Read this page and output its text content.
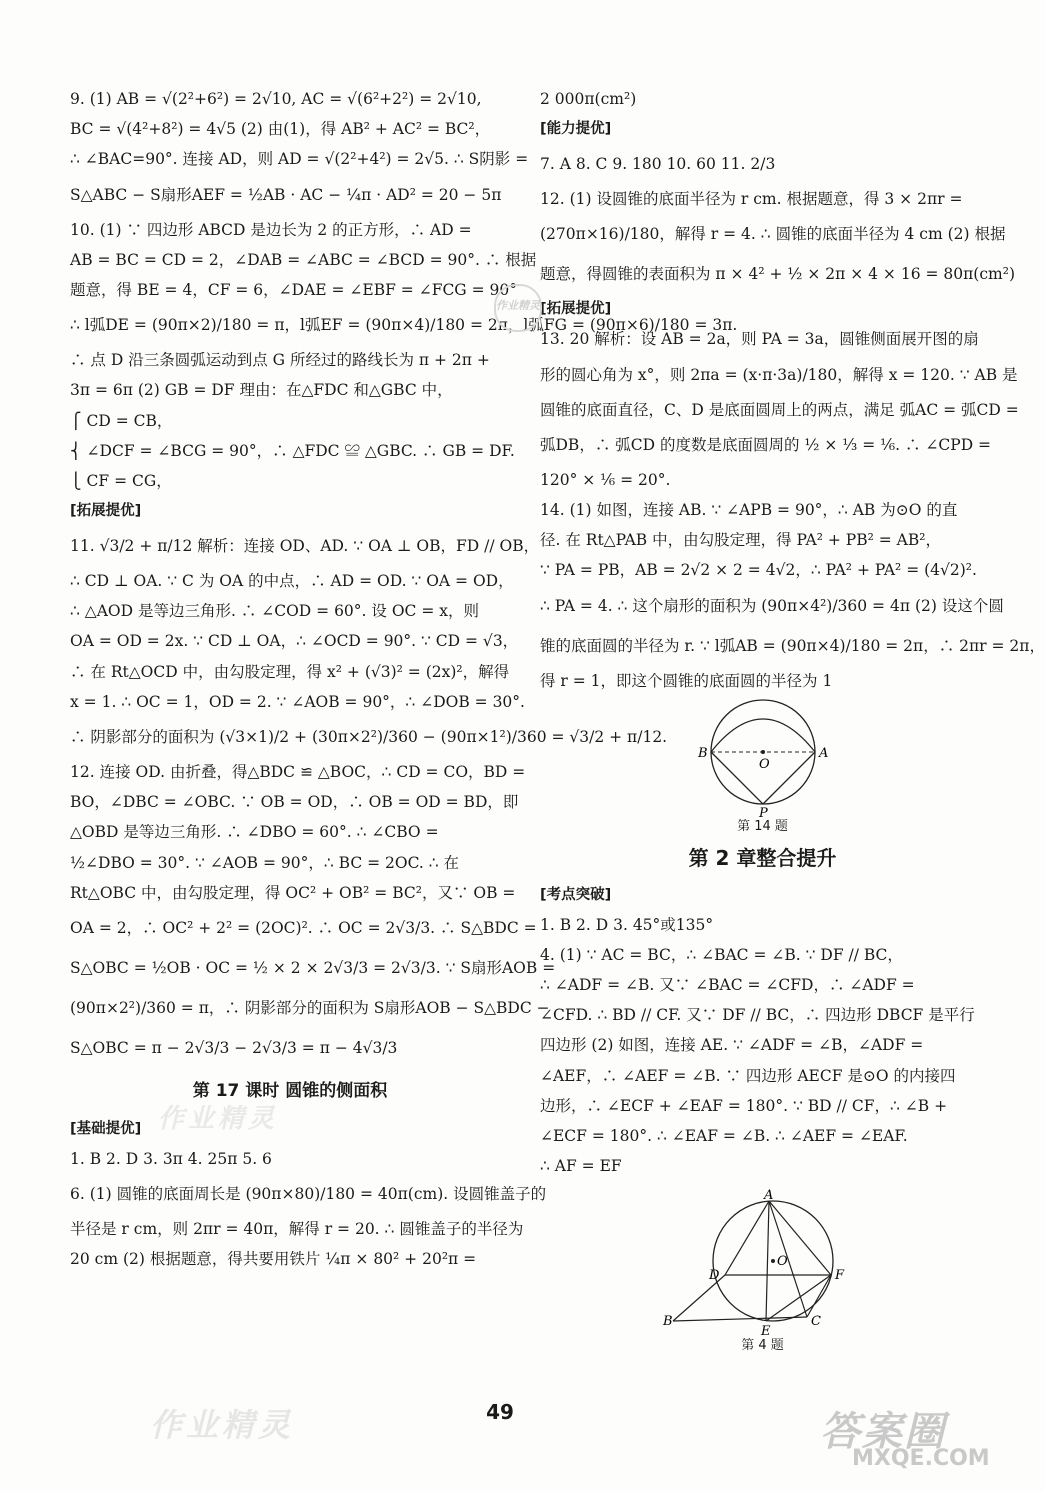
9. (1) AB = √(2²+6²) = 2√10, AC = √(6²+2²) = 2√10,
BC = √(4²+8²) = 4√5 (2) 由(1)，得 AB² + AC² = BC²，
∴ ∠BAC=90°. 连接 AD，则 AD = √(2²+4²) = 2√5. ∴ S阴影 =
S△ABC − S扇形AEF = ½AB · AC − ¼π · AD² = 20 − 5π
10. (1) ∵ 四边形 ABCD 是边长为 2 的正方形，∴ AD =
AB = BC = CD = 2，∠DAB = ∠ABC = ∠BCD = 90°. ∴ 根据
题意，得 BE = 4，CF = 6，∠DAE = ∠EBF = ∠FCG = 90°
∴ l弧DE = (90π×2)/180 = π，l弧EF = (90π×4)/180 = 2π，l弧FG = (90π×6)/180 = 3π.
∴ 点 D 沿三条圆弧运动到点 G 所经过的路线长为 π + 2π +
3π = 6π (2) GB = DF 理由：在△FDC 和△GBC 中，
⎧ CD = CB，
⎨ ∠DCF = ∠BCG = 90°，∴ △FDC ≌ △GBC. ∴ GB = DF.
⎩ CF = CG，
[拓展提优]
11. √3/2 + π/12 解析：连接 OD、AD. ∵ OA ⊥ OB，FD // OB，
∴ CD ⊥ OA. ∵ C 为 OA 的中点，∴ AD = OD. ∵ OA = OD，
∴ △AOD 是等边三角形. ∴ ∠COD = 60°. 设 OC = x，则
OA = OD = 2x. ∵ CD ⊥ OA，∴ ∠OCD = 90°. ∵ CD = √3，
∴ 在 Rt△OCD 中，由勾股定理，得 x² + (√3)² = (2x)²，解得
x = 1. ∴ OC = 1，OD = 2. ∵ ∠AOB = 90°，∴ ∠DOB = 30°.
∴ 阴影部分的面积为 (√3×1)/2 + (30π×2²)/360 − (90π×1²)/360 = √3/2 + π/12.
12. 连接 OD. 由折叠，得△BDC ≌ △BOC，∴ CD = CO，BD =
BO，∠DBC = ∠OBC. ∵ OB = OD，∴ OB = OD = BD，即
△OBD 是等边三角形. ∴ ∠DBO = 60°. ∴ ∠CBO =
½∠DBO = 30°. ∵ ∠AOB = 90°，∴ BC = 2OC. ∴ 在
Rt△OBC 中，由勾股定理，得 OC² + OB² = BC²，又∵ OB =
OA = 2，∴ OC² + 2² = (2OC)². ∴ OC = 2√3/3. ∴ S△BDC =
S△OBC = ½OB · OC = ½ × 2 × 2√3/3 = 2√3/3. ∵ S扇形AOB =
(90π×2²)/360 = π，∴ 阴影部分的面积为 S扇形AOB − S△BDC −
S△OBC = π − 2√3/3 − 2√3/3 = π − 4√3/3
第 17 课时 圆锥的侧面积
[基础提优]
1. B 2. D 3. 3π 4. 25π 5. 6
6. (1) 圆锥的底面周长是 (90π×80)/180 = 40π(cm). 设圆锥盖子的
半径是 r cm，则 2πr = 40π，解得 r = 20. ∴ 圆锥盖子的半径为
20 cm (2) 根据题意，得共要用铁片 ¼π × 80² + 20²π =
2 000π(cm²)
[能力提优]
7. A 8. C 9. 180 10. 60 11. 2/3
12. (1) 设圆锥的底面半径为 r cm. 根据题意，得 3 × 2πr =
(270π×16)/180，解得 r = 4. ∴ 圆锥的底面半径为 4 cm (2) 根据
题意，得圆锥的表面积为 π × 4² + ½ × 2π × 4 × 16 = 80π(cm²)
[拓展提优]
13. 20 解析：设 AB = 2a，则 PA = 3a，圆锥侧面展开图的扇
形的圆心角为 x°，则 2πa = (x·π·3a)/180，解得 x = 120. ∵ AB 是
圆锥的底面直径，C、D 是底面圆周上的两点，满足 弧AC = 弧CD =
弧DB，∴ 弧CD 的度数是底面圆周的 ½ × ⅓ = ⅙. ∴ ∠CPD =
120° × ⅙ = 20°.
14. (1) 如图，连接 AB. ∵ ∠APB = 90°，∴ AB 为⊙O 的直
径. 在 Rt△PAB 中，由勾股定理，得 PA² + PB² = AB²，
∵ PA = PB，AB = 2√2 × 2 = 4√2，∴ PA² + PA² = (4√2)².
∴ PA = 4. ∴ 这个扇形的面积为 (90π×4²)/360 = 4π (2) 设这个圆
锥的底面圆的半径为 r. ∵ l弧AB = (90π×4)/180 = 2π，∴ 2πr = 2π，
得 r = 1，即这个圆锥的底面圆的半径为 1
B
O
A
P
第 14 题
第 2 章整合提升
[考点突破]
1. B 2. D 3. 45°或135°
4. (1) ∵ AC = BC，∴ ∠BAC = ∠B. ∵ DF // BC，
∴ ∠ADF = ∠B. 又∵ ∠BAC = ∠CFD，∴ ∠ADF =
∠CFD. ∴ BD // CF. 又∵ DF // BC，∴ 四边形 DBCF 是平行
四边形 (2) 如图，连接 AE. ∵ ∠ADF = ∠B，∠ADF =
∠AEF，∴ ∠AEF = ∠B. ∵ 四边形 AECF 是⊙O 的内接四
边形，∴ ∠ECF + ∠EAF = 180°. ∵ BD // CF，∴ ∠B +
∠ECF = 180°. ∴ ∠EAF = ∠B. ∴ ∠AEF = ∠EAF.
∴ AF = EF
A
D
O
F
B
E
C
第 4 题
49
作业精灵
作业精灵
作业精灵	答案圈
MXQE.COM
